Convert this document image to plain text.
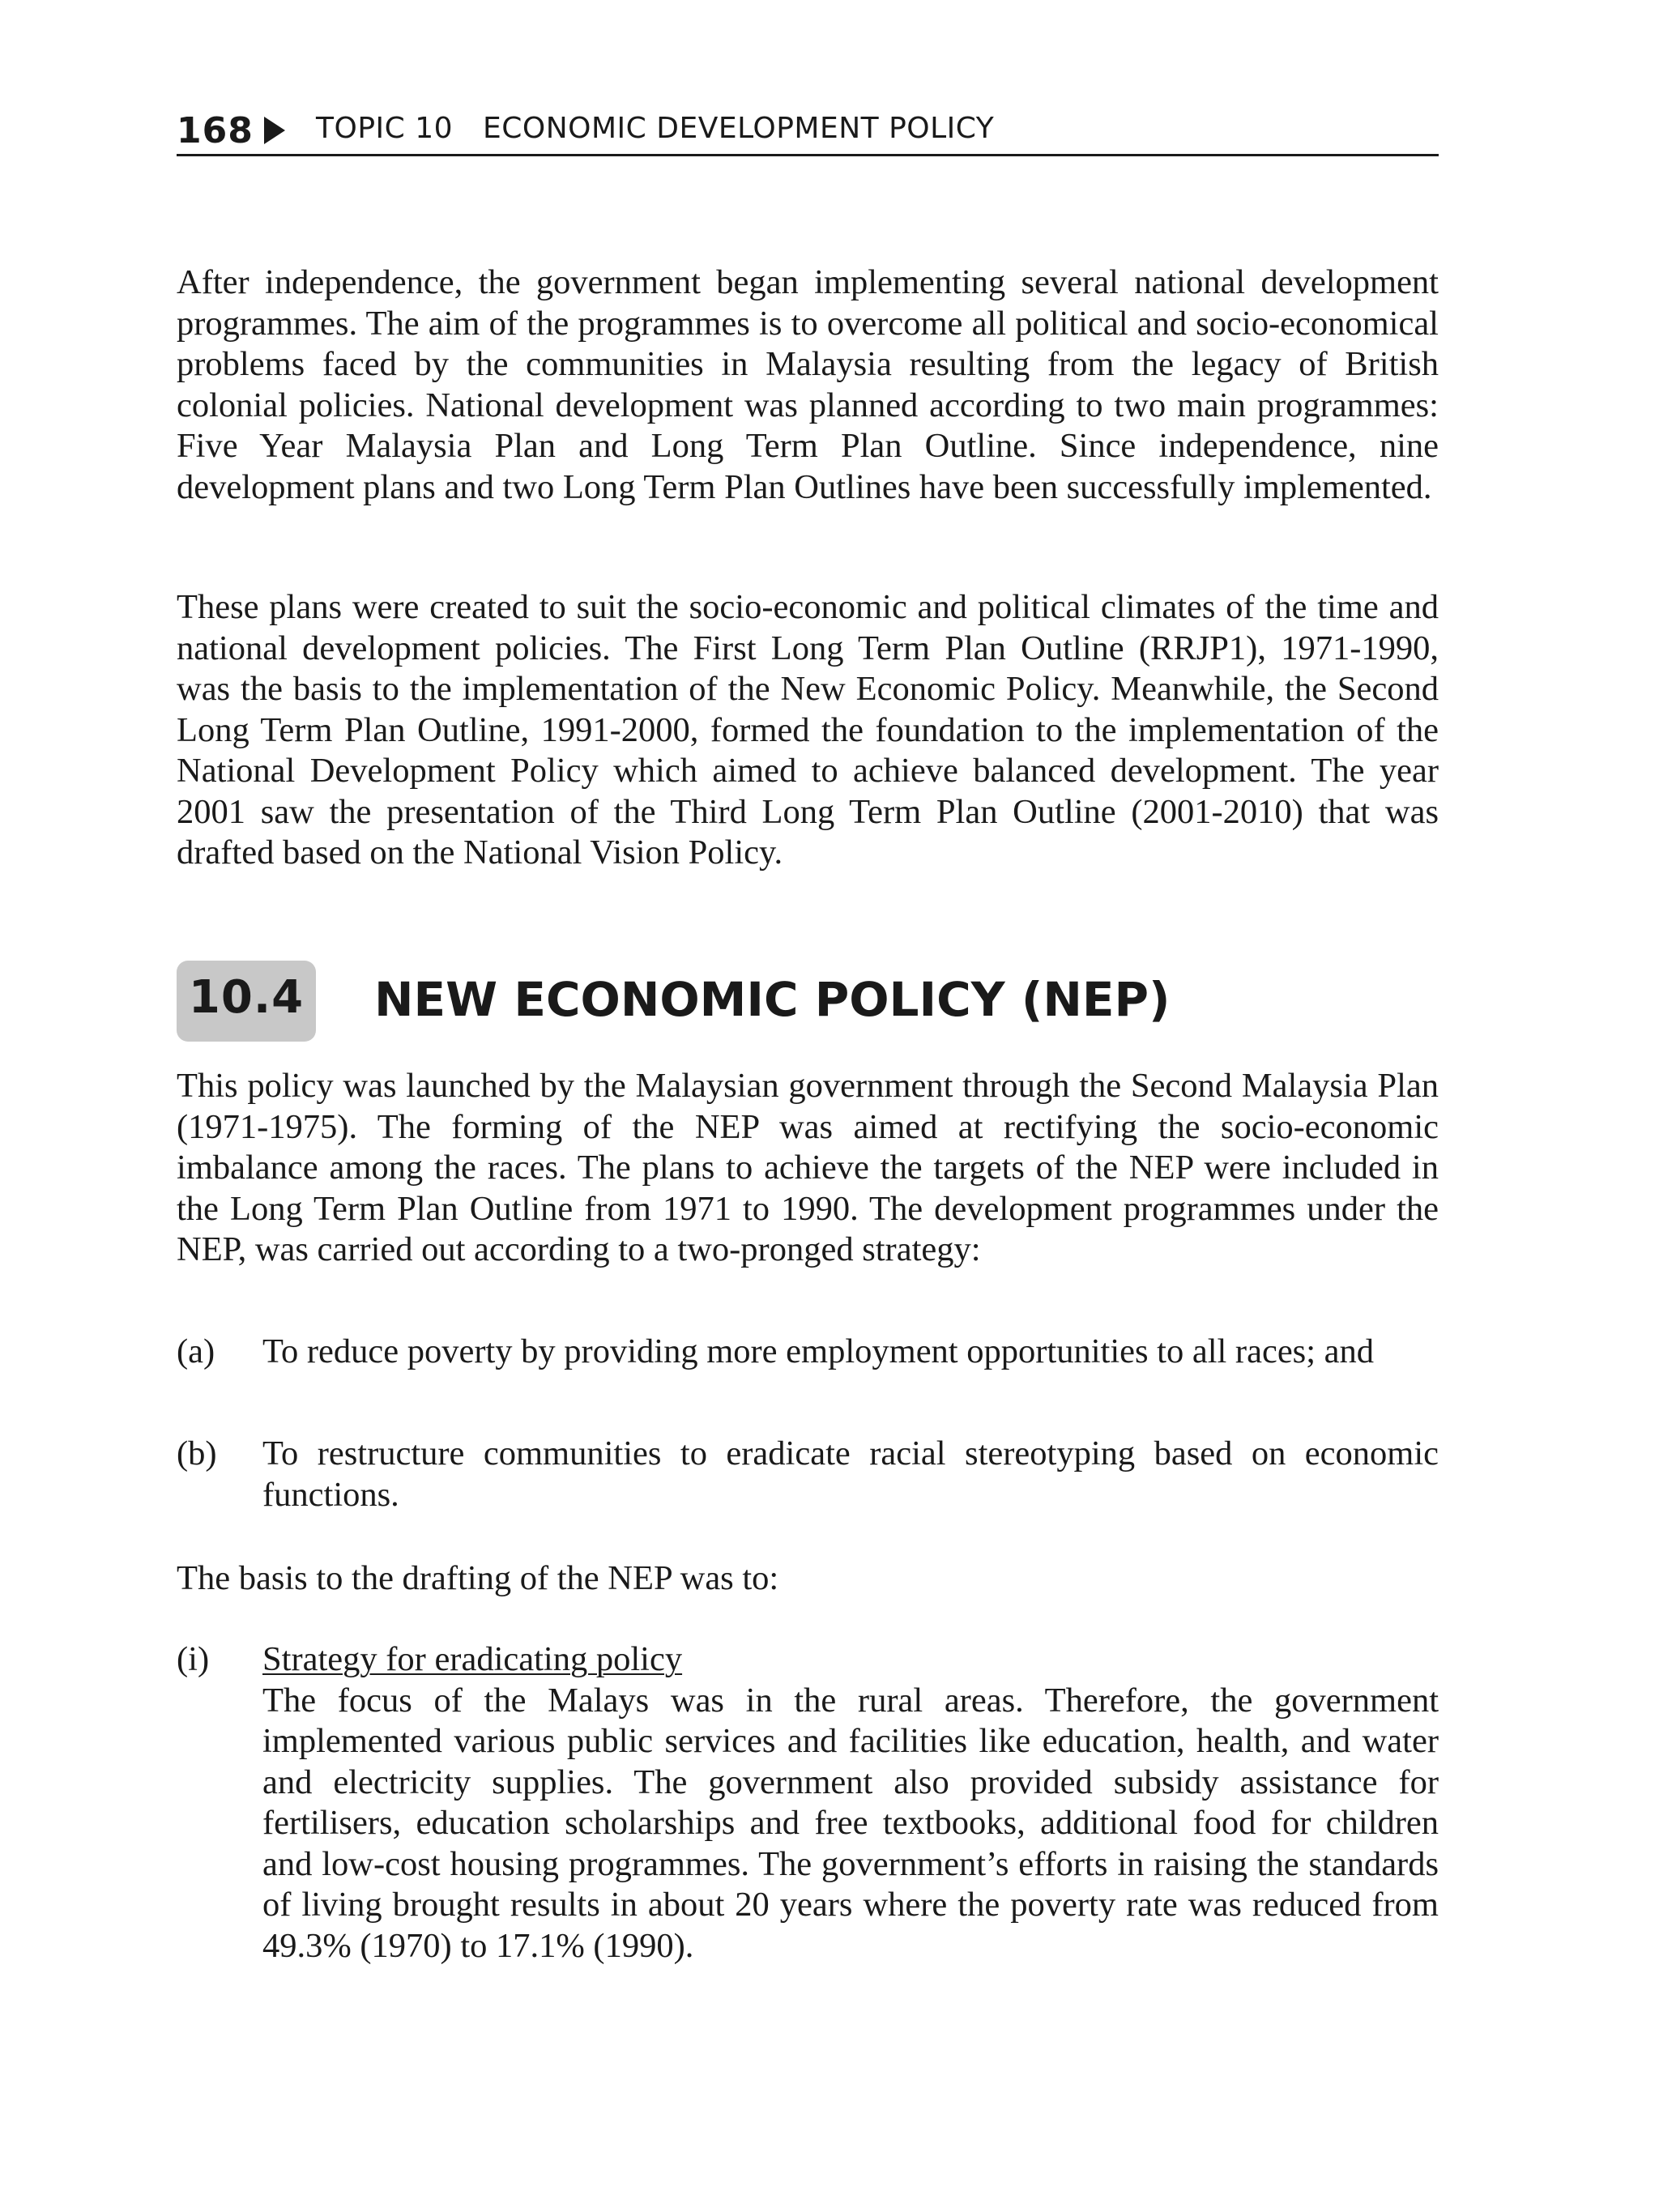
168 TOPIC 10 ECONOMIC DEVELOPMENT POLICY

After independence, the government began implementing several national development programmes. The aim of the programmes is to overcome all political and socio-economical problems faced by the communities in Malaysia resulting from the legacy of British colonial policies. National development was planned according to two main programmes: Five Year Malaysia Plan and Long Term Plan Outline. Since independence, nine development plans and two Long Term Plan Outlines have been successfully implemented.

These plans were created to suit the socio-economic and political climates of the time and national development policies. The First Long Term Plan Outline (RRJP1), 1971-1990, was the basis to the implementation of the New Economic Policy. Meanwhile, the Second Long Term Plan Outline, 1991-2000, formed the foundation to the implementation of the National Development Policy which aimed to achieve balanced development. The year 2001 saw the presentation of the Third Long Term Plan Outline (2001-2010) that was drafted based on the National Vision Policy.

10.4 NEW ECONOMIC POLICY (NEP)

This policy was launched by the Malaysian government through the Second Malaysia Plan (1971-1975). The forming of the NEP was aimed at rectifying the socio-economic imbalance among the races. The plans to achieve the targets of the NEP were included in the Long Term Plan Outline from 1971 to 1990. The development programmes under the NEP, was carried out according to a two-pronged strategy:

(a) To reduce poverty by providing more employment opportunities to all races; and

(b) To restructure communities to eradicate racial stereotyping based on economic functions.

The basis to the drafting of the NEP was to:

(i) Strategy for eradicating policy

The focus of the Malays was in the rural areas. Therefore, the government implemented various public services and facilities like education, health, and water and electricity supplies. The government also provided subsidy assistance for fertilisers, education scholarships and free textbooks, additional food for children and low-cost housing programmes. The government’s efforts in raising the standards of living brought results in about 20 years where the poverty rate was reduced from 49.3% (1970) to 17.1% (1990).
